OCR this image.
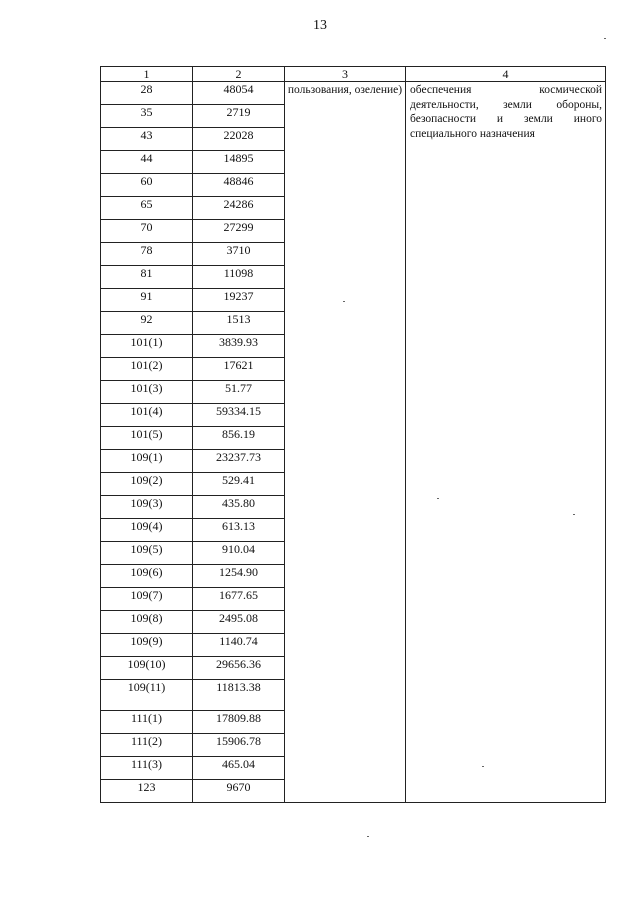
13
1	2	3	4
28	48054	пользования, озеление)	обеспечения космической деятельности, земли обороны, безопасности и земли иного специального назначения
35	2719		
43	22028		
44	14895		
60	48846		
65	24286		
70	27299		
78	3710		
81	11098		
91	19237		
92	1513		
101(1)	3839.93		
101(2)	17621		
101(3)	51.77		
101(4)	59334.15		
101(5)	856.19		
109(1)	23237.73		
109(2)	529.41		
109(3)	435.80		
109(4)	613.13		
109(5)	910.04		
109(6)	1254.90		
109(7)	1677.65		
109(8)	2495.08		
109(9)	1140.74		
109(10)	29656.36		
109(11)	11813.38		
111(1)	17809.88		
111(2)	15906.78		
111(3)	465.04		
123	9670		
